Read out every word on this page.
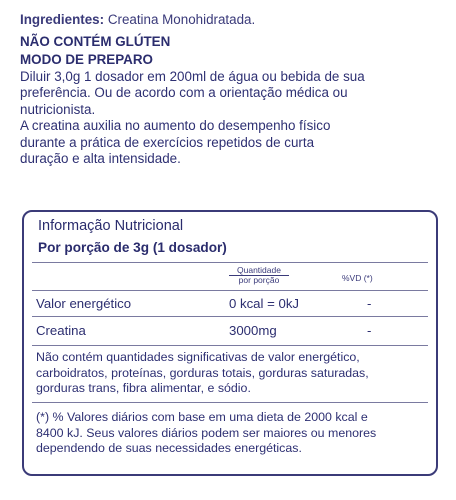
Ingredientes: Creatina Monohidratada.
NÃO CONTÉM GLÚTEN
MODO DE PREPARO
Diluir 3,0g 1 dosador em 200ml de água ou bebida de sua
preferência. Ou de acordo com a orientação médica ou
nutricionista.
A creatina auxilia no aumento do desempenho físico
durante a prática de exercícios repetidos de curta
duração e alta intensidade.
Informação Nutricional
Por porção de 3g (1 dosador)
Quantidade
por porção	%VD (*)
Valor energético	0 kcal = 0kJ	-
Creatina	3000mg	-
Não contém quantidades significativas de valor energético,
carboidratos, proteínas, gorduras totais, gorduras saturadas,
gorduras trans, fibra alimentar, e sódio.
(*) % Valores diários com base em uma dieta de 2000 kcal e
8400 kJ. Seus valores diários podem ser maiores ou menores
dependendo de suas necessidades energéticas.
